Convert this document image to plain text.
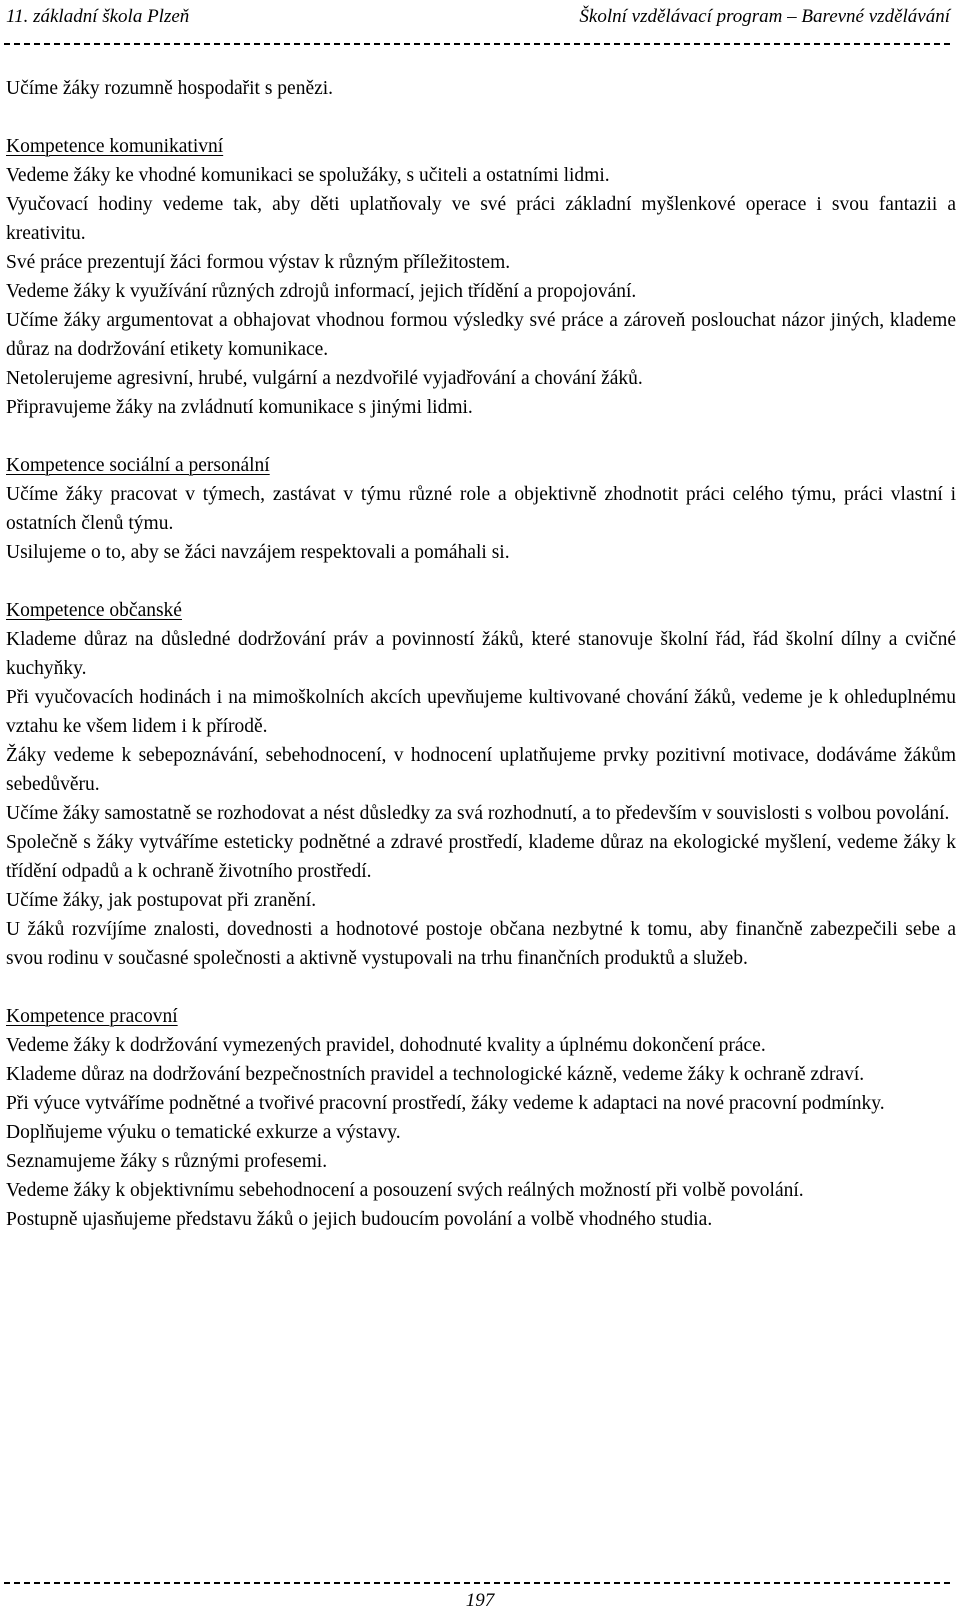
11. základní škola Plzeň	Školní vzdělávací program – Barevné vzdělávání

Učíme žáky rozumně hospodařit s penězi.

Kompetence komunikativní

Vedeme žáky ke vhodné komunikaci se spolužáky, s učiteli a ostatními lidmi.

Vyučovací hodiny vedeme tak, aby děti uplatňovaly ve své práci základní myšlenkové operace i svou fantazii a kreativitu.

Své práce prezentují žáci formou výstav k různým příležitostem.

Vedeme žáky k využívání různých zdrojů informací, jejich třídění a propojování.

Učíme žáky argumentovat a obhajovat vhodnou formou výsledky své práce a zároveň poslouchat názor jiných, klademe důraz na dodržování etikety komunikace.

Netolerujeme agresivní, hrubé, vulgární a nezdvořilé vyjadřování a chování žáků.

Připravujeme žáky na zvládnutí komunikace s jinými lidmi.

Kompetence sociální a personální

Učíme žáky pracovat v týmech, zastávat v týmu různé role a objektivně zhodnotit práci celého týmu, práci vlastní i ostatních členů týmu.

Usilujeme o to, aby se žáci navzájem respektovali a pomáhali si.

Kompetence občanské

Klademe důraz na důsledné dodržování práv a povinností žáků, které stanovuje školní řád, řád školní dílny a cvičné kuchyňky.

Při vyučovacích hodinách i na mimoškolních akcích upevňujeme kultivované chování žáků, vedeme je k ohleduplnému vztahu ke všem lidem i k přírodě.

Žáky vedeme k sebepoznávání, sebehodnocení, v hodnocení uplatňujeme prvky pozitivní motivace, dodáváme žákům sebedůvěru.

Učíme žáky samostatně se rozhodovat a nést důsledky za svá rozhodnutí, a to především v souvislosti s volbou povolání.

Společně s žáky vytváříme esteticky podnětné a zdravé prostředí, klademe důraz na ekologické myšlení, vedeme žáky k třídění odpadů a k ochraně životního prostředí.

Učíme žáky, jak postupovat při zranění.

U žáků rozvíjíme znalosti, dovednosti a hodnotové postoje občana nezbytné k tomu, aby finančně zabezpečili sebe a svou rodinu v současné společnosti a aktivně vystupovali na trhu finančních produktů a služeb.

Kompetence pracovní

Vedeme žáky k dodržování vymezených pravidel, dohodnuté kvality a úplnému dokončení práce.

Klademe důraz na dodržování bezpečnostních pravidel a technologické kázně, vedeme žáky k ochraně zdraví.

Při výuce vytváříme podnětné a tvořivé pracovní prostředí, žáky vedeme k adaptaci na nové pracovní podmínky.

Doplňujeme výuku o tematické exkurze a výstavy.

Seznamujeme žáky s různými profesemi.

Vedeme žáky k objektivnímu sebehodnocení a posouzení svých reálných možností při volbě povolání.

Postupně ujasňujeme představu žáků o jejich budoucím povolání a volbě vhodného studia.

197
